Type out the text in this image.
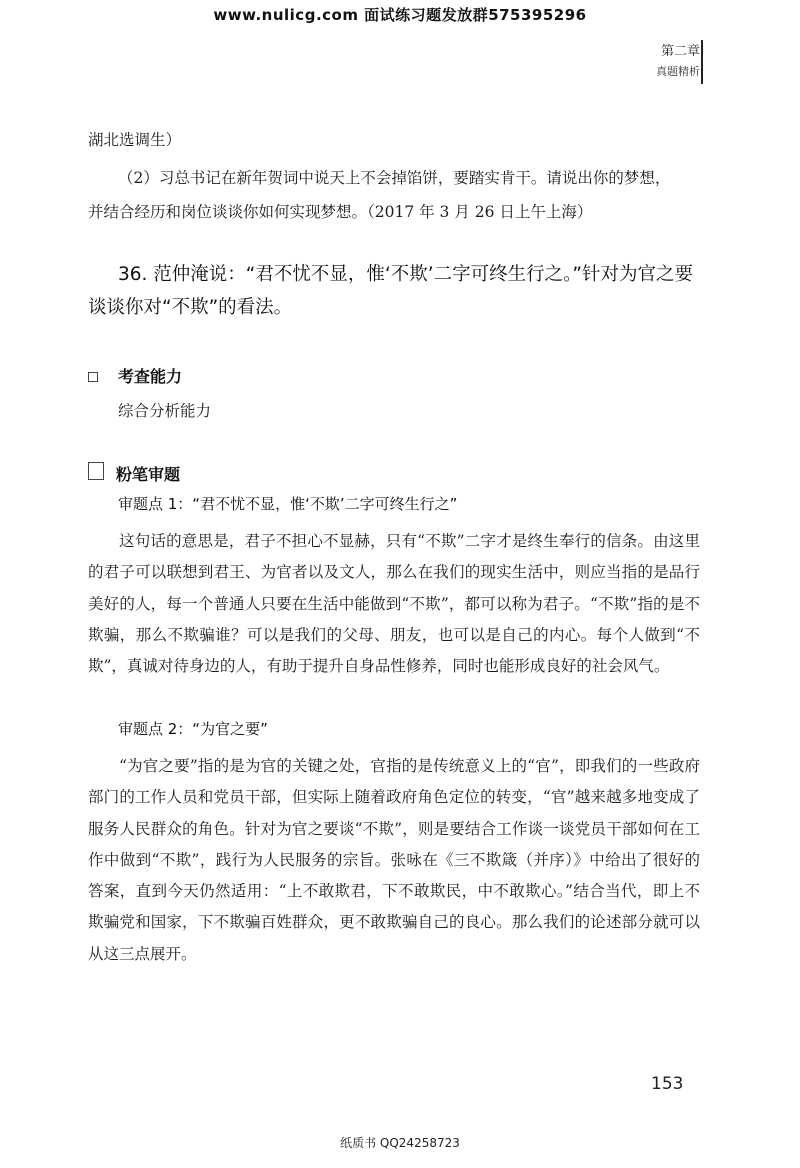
www.nulicg.com 面试练习题发放群575395296
第二章
真题精析
湖北选调生）
（2）习总书记在新年贺词中说天上不会掉馅饼，要踏实肯干。请说出你的梦想，
并结合经历和岗位谈谈你如何实现梦想。（2017 年 3 月 26 日上午上海）
36. 范仲淹说：“君不忧不显，惟‘不欺’二字可终生行之。”针对为官之要谈谈你对“不欺”的看法。
考查能力
综合分析能力
粉笔审题
审题点 1：“君不忧不显，惟‘不欺’二字可终生行之”
这句话的意思是，君子不担心不显赫，只有“不欺”二字才是终生奉行的信条。由这里的君子可以联想到君王、为官者以及文人，那么在我们的现实生活中，则应当指的是品行美好的人，每一个普通人只要在生活中能做到“不欺”，都可以称为君子。“不欺”指的是不欺骗，那么不欺骗谁？可以是我们的父母、朋友，也可以是自己的内心。每个人做到“不欺”，真诚对待身边的人，有助于提升自身品性修养，同时也能形成良好的社会风气。
审题点 2：“为官之要”
“为官之要”指的是为官的关键之处，官指的是传统意义上的“官”，即我们的一些政府部门的工作人员和党员干部，但实际上随着政府角色定位的转变，“官”越来越多地变成了服务人民群众的角色。针对为官之要谈“不欺”，则是要结合工作谈一谈党员干部如何在工作中做到“不欺”，践行为人民服务的宗旨。张咏在《三不欺箴（并序）》中给出了很好的答案，直到今天仍然适用：“上不敢欺君，下不敢欺民，中不敢欺心。”结合当代，即上不欺骗党和国家，下不欺骗百姓群众，更不敢欺骗自己的良心。那么我们的论述部分就可以从这三点展开。
153
纸质书 QQ24258723
